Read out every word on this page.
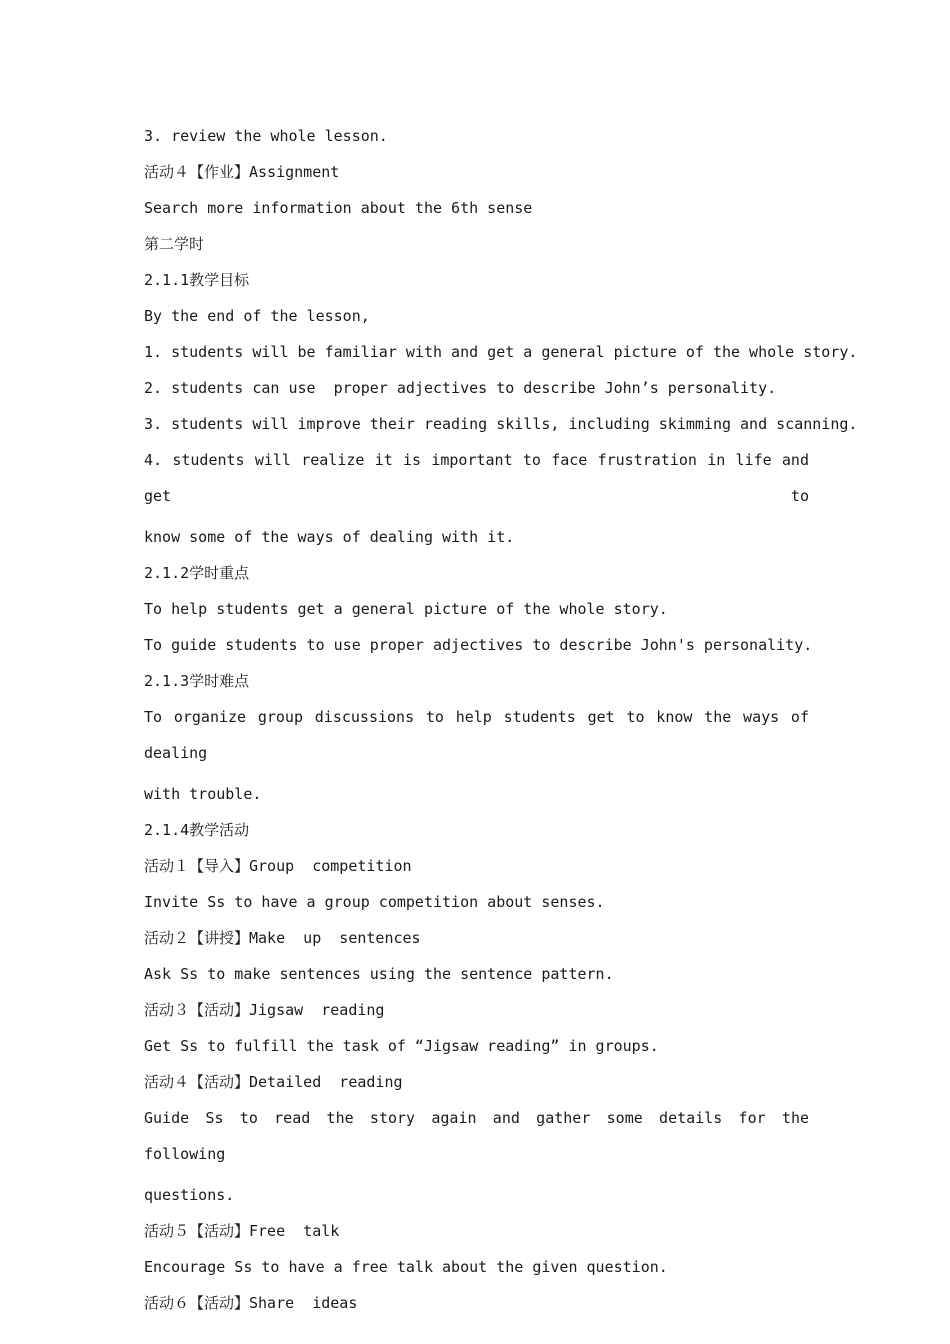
3. review the whole lesson.
活动４【作业】Assignment
Search more information about the 6th sense
第二学时
2.1.1教学目标
By the end of the lesson,
1. students will be familiar with and get a general picture of the whole story.
2. students can use  proper adjectives to describe John’s personality.
3. students will improve their reading skills, including skimming and scanning.
4. students will realize it is important to face frustration in life and get to
know some of the ways of dealing with it.
2.1.2学时重点
To help students get a general picture of the whole story.
To guide students to use proper adjectives to describe John's personality.
2.1.3学时难点
To organize group discussions to help students get to know the ways of dealing
with trouble.
2.1.4教学活动
活动１【导入】Group  competition
Invite Ss to have a group competition about senses.
活动２【讲授】Make  up  sentences
Ask Ss to make sentences using the sentence pattern.
活动３【活动】Jigsaw  reading
Get Ss to fulfill the task of “Jigsaw reading” in groups.
活动４【活动】Detailed  reading
Guide Ss to read the story again and gather some details for the following
questions.
活动５【活动】Free  talk
Encourage Ss to have a free talk about the given question.
活动６【活动】Share  ideas
